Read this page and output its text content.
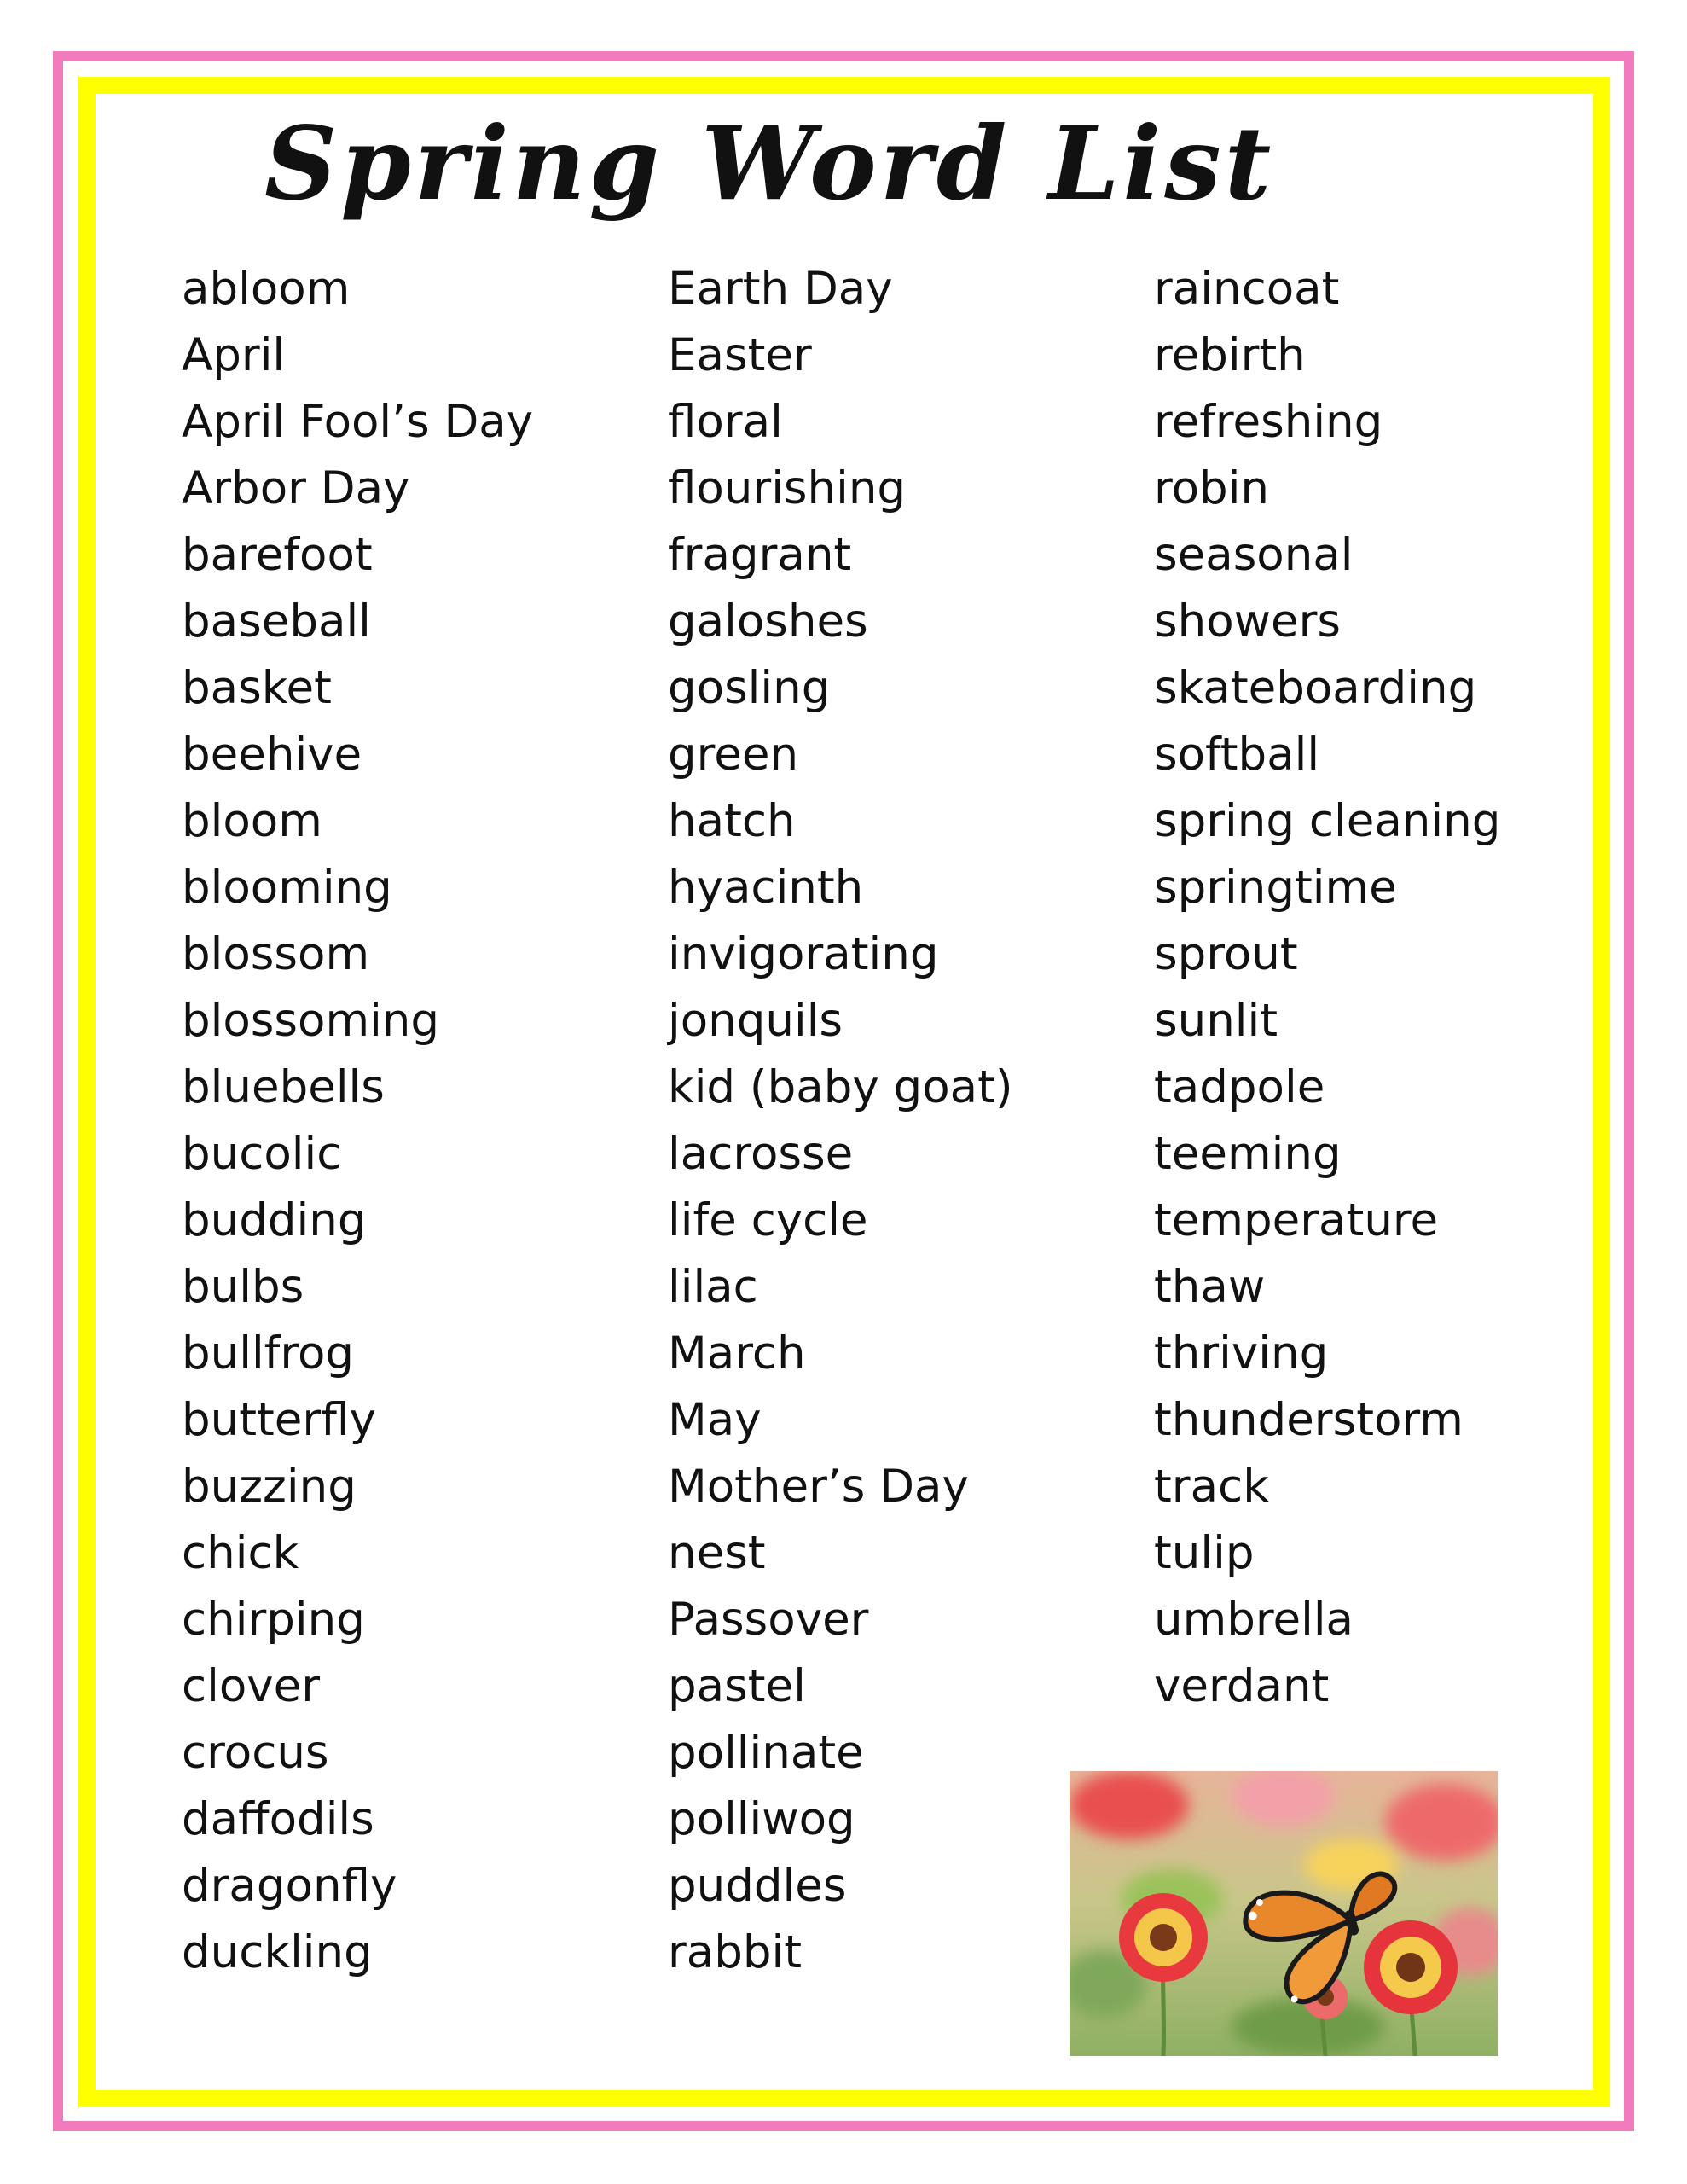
Spring Word List
abloom
April
April Fool’s Day
Arbor Day
barefoot
baseball
basket
beehive
bloom
blooming
blossom
blossoming
bluebells
bucolic
budding
bulbs
bullfrog
butterfly
buzzing
chick
chirping
clover
crocus
daffodils
dragonfly
duckling
Earth Day
Easter
floral
flourishing
fragrant
galoshes
gosling
green
hatch
hyacinth
invigorating
jonquils
kid (baby goat)
lacrosse
life cycle
lilac
March
May
Mother’s Day
nest
Passover
pastel
pollinate
polliwog
puddles
rabbit
raincoat
rebirth
refreshing
robin
seasonal
showers
skateboarding
softball
spring cleaning
springtime
sprout
sunlit
tadpole
teeming
temperature
thaw
thriving
thunderstorm
track
tulip
umbrella
verdant
